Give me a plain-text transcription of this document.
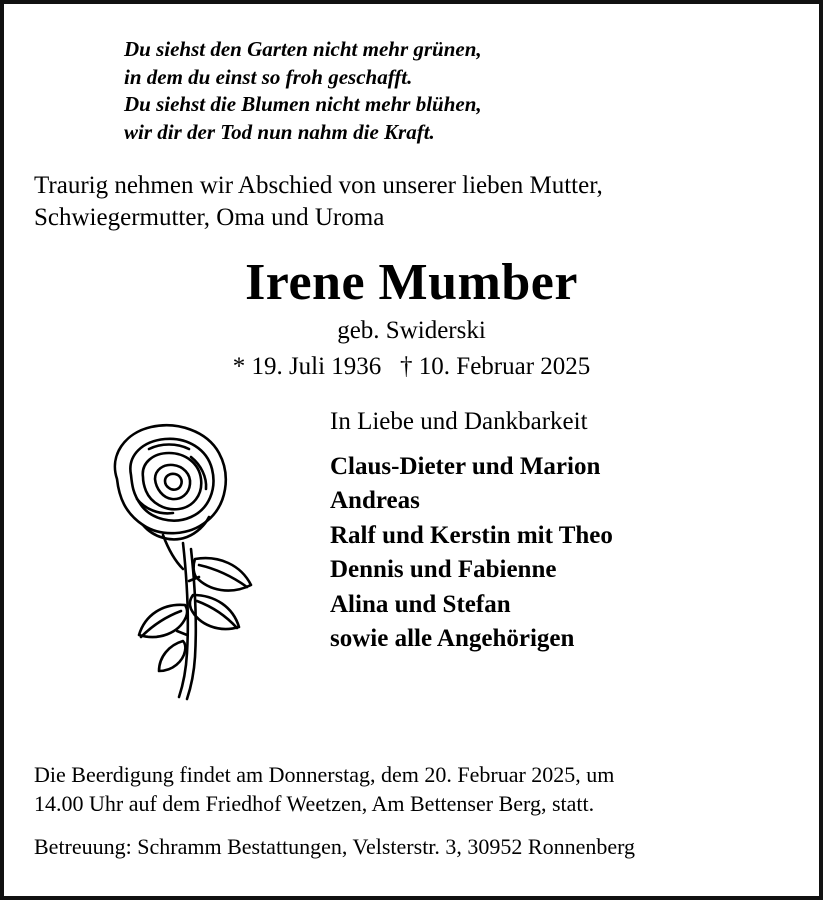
Du siehst den Garten nicht mehr grünen,
in dem du einst so froh geschafft.
Du siehst die Blumen nicht mehr blühen,
wir dir der Tod nun nahm die Kraft.
Traurig nehmen wir Abschied von unserer lieben Mutter,
Schwiegermutter, Oma und Uroma
Irene Mumber
geb. Swiderski
* 19. Juli 1936   † 10. Februar 2025
In Liebe und Dankbarkeit
Claus-Dieter und Marion
Andreas
Ralf und Kerstin mit Theo
Dennis und Fabienne
Alina und Stefan
sowie alle Angehörigen
Die Beerdigung findet am Donnerstag, dem 20. Februar 2025, um
14.00 Uhr auf dem Friedhof Weetzen, Am Bettenser Berg, statt.
Betreuung: Schramm Bestattungen, Velsterstr. 3, 30952 Ronnenberg
